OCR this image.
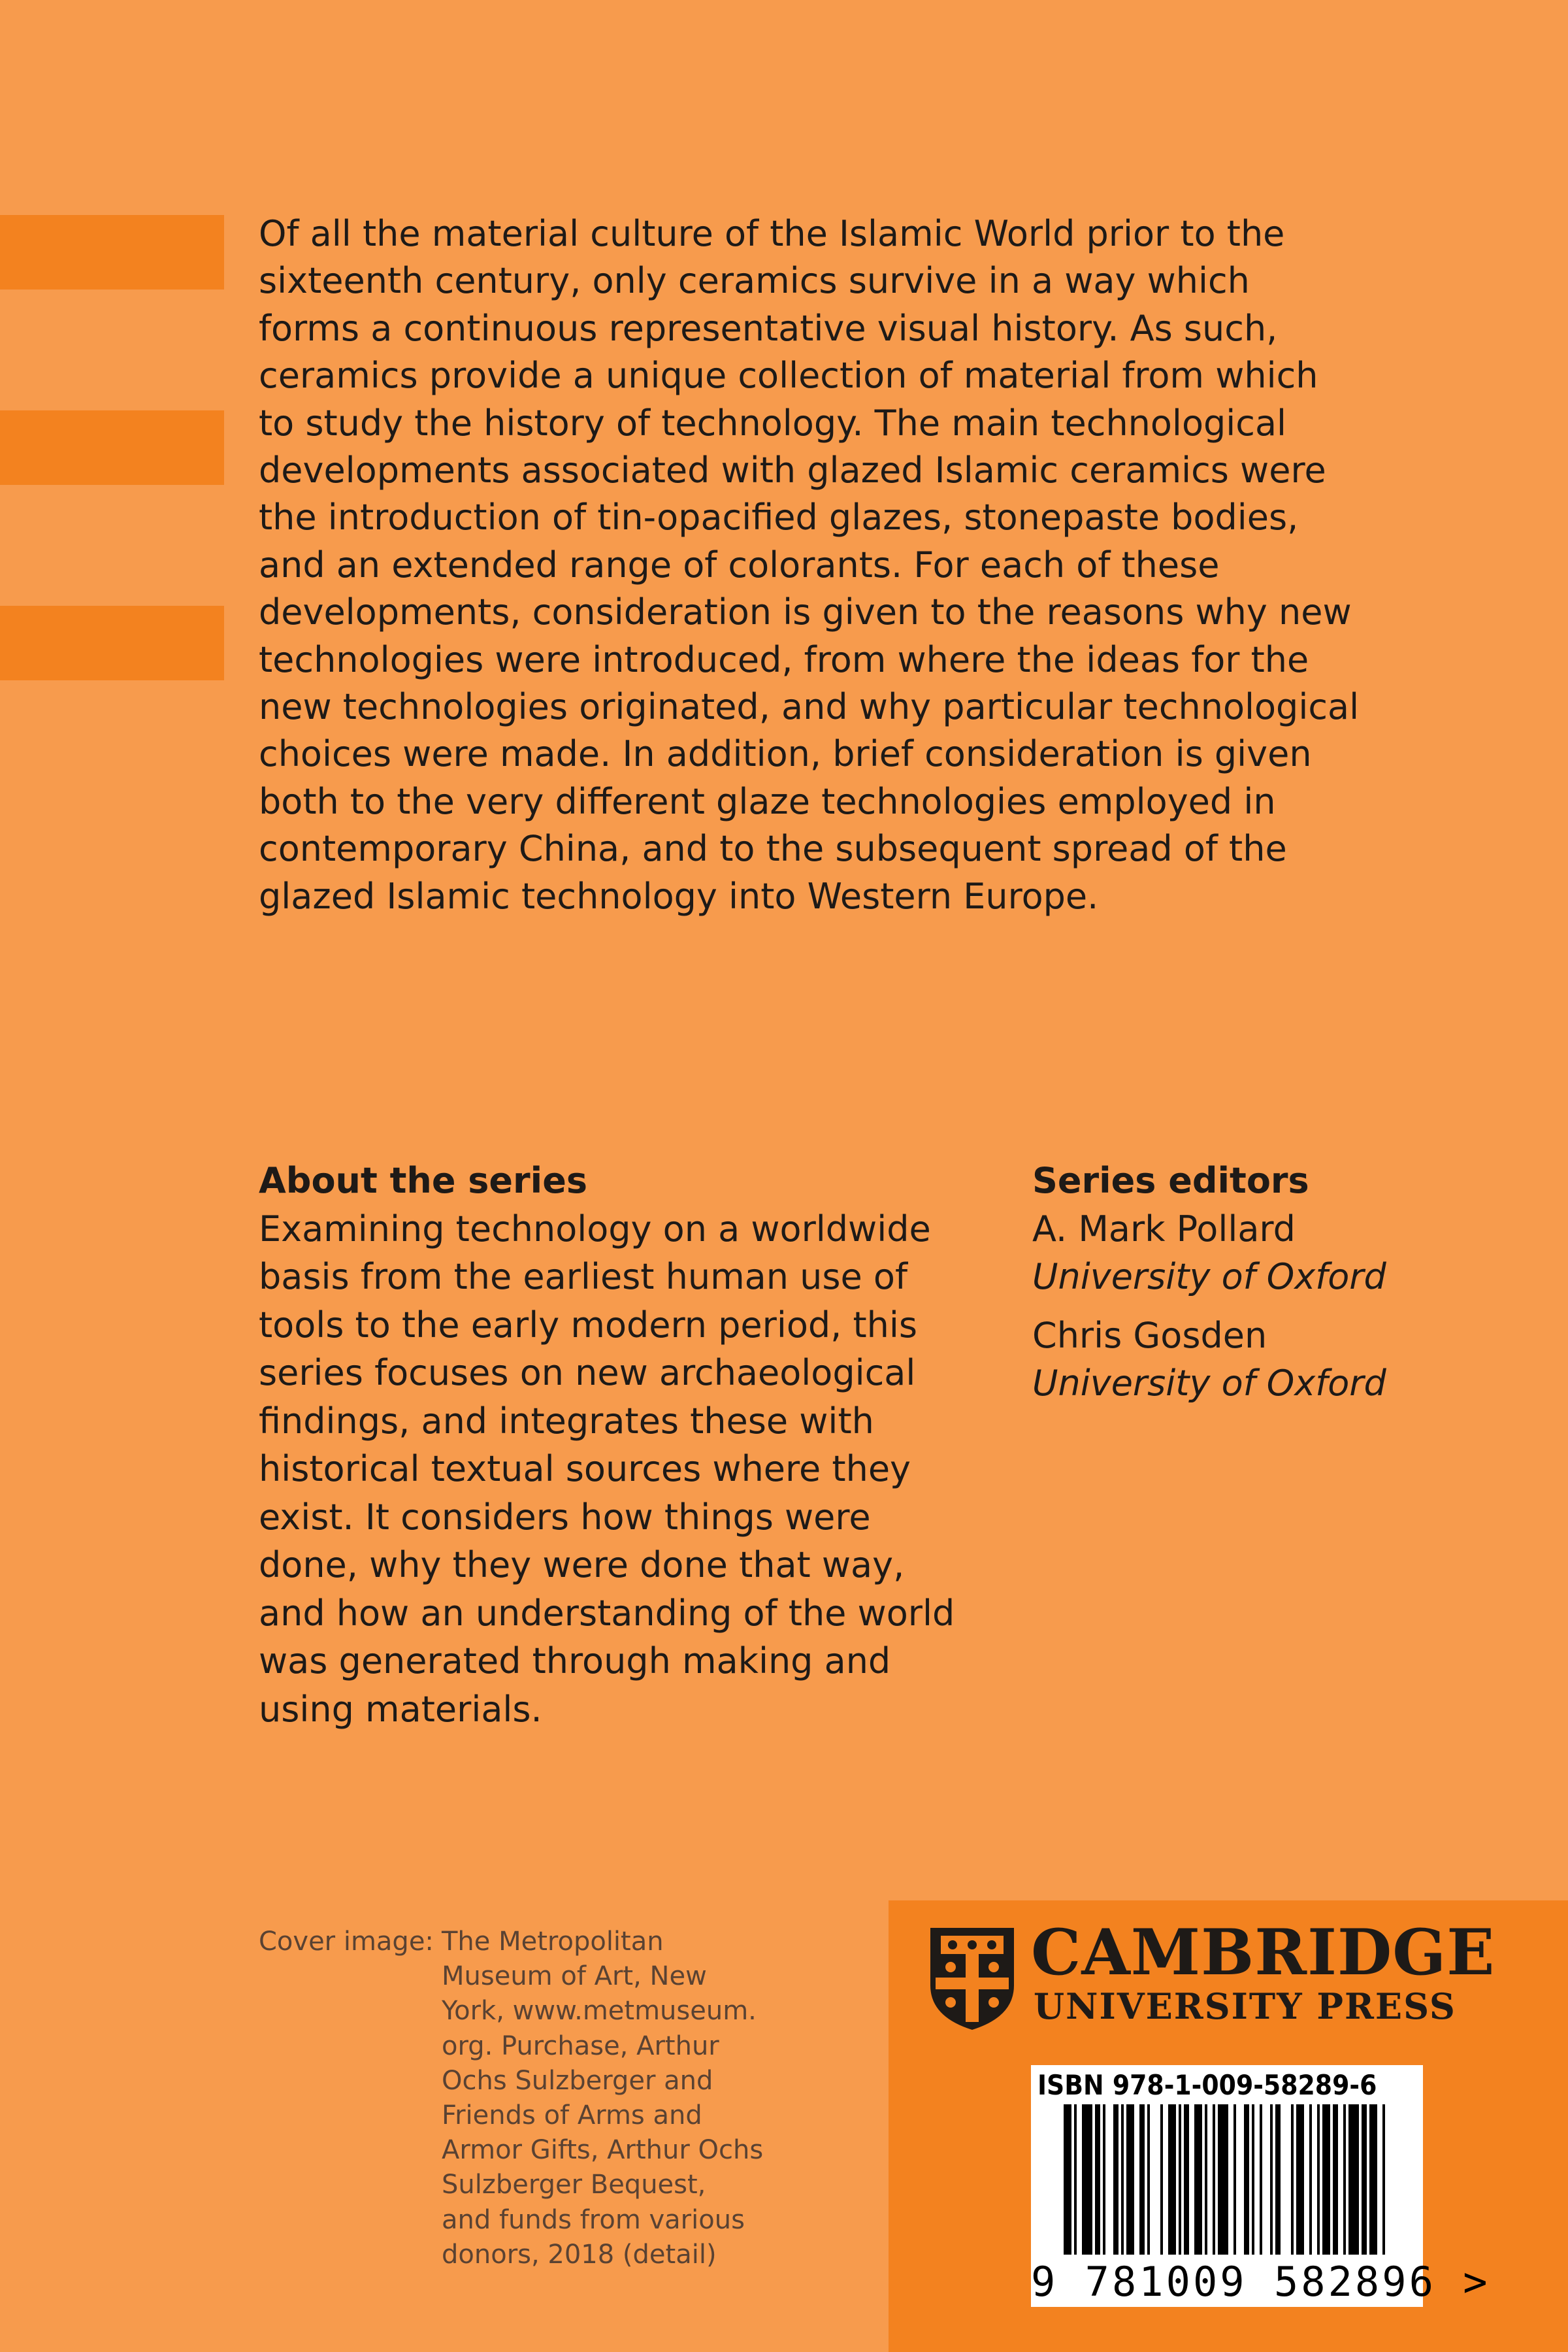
Of all the material culture of the Islamic World prior to the
sixteenth century, only ceramics survive in a way which
forms a continuous representative visual history. As such,
ceramics provide a unique collection of material from which
to study the history of technology. The main technological
developments associated with glazed Islamic ceramics were
the introduction of tin-opacified glazes, stonepaste bodies,
and an extended range of colorants. For each of these
developments, consideration is given to the reasons why new
technologies were introduced, from where the ideas for the
new technologies originated, and why particular technological
choices were made. In addition, brief consideration is given
both to the very different glaze technologies employed in
contemporary China, and to the subsequent spread of the
glazed Islamic technology into Western Europe.

About the series

Examining technology on a worldwide
basis from the earliest human use of
tools to the early modern period, this
series focuses on new archaeological
findings, and integrates these with
historical textual sources where they
exist. It considers how things were
done, why they were done that way,
and how an understanding of the world
was generated through making and
using materials.

Series editors
A. Mark Pollard
University of Oxford
Chris Gosden
University of Oxford
Cover image: The Metropolitan
Museum of Art, New
York, www.metmuseum.
org. Purchase, Arthur
Ochs Sulzberger and
Friends of Arms and
Armor Gifts, Arthur Ochs
Sulzberger Bequest,
and funds from various
donors, 2018 (detail)
CAMBRIDGE
UNIVERSITY PRESS
ISBN 978-1-009-58289-6
9 781009 582896 >
